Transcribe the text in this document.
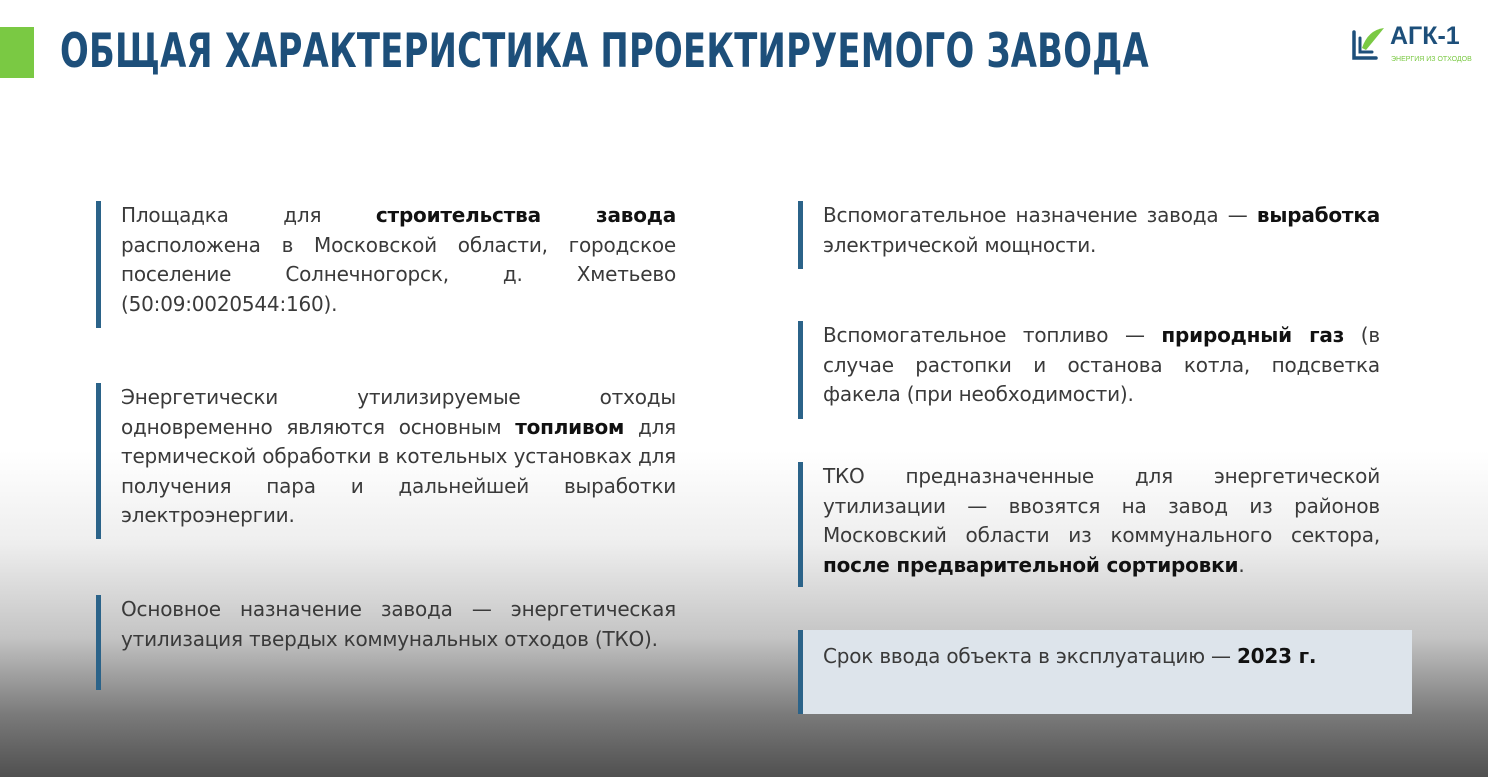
ОБЩАЯ ХАРАКТЕРИСТИКА ПРОЕКТИРУЕМОГО ЗАВОДА	АГК-1
ЭНЕРГИЯ ИЗ ОТХОДОВ

Площадка для строительства завода расположена в Московской области, городское поселение Солнечногорск, д. Хметьево (50:09:0020544:160).

Энергетически утилизируемые отходы одновременно являются основным топливом для термической обработки в котельных установках для получения пара и дальнейшей выработки электроэнергии.

Основное назначение завода — энергетическая утилизация твердых коммунальных отходов (ТКО).

Вспомогательное назначение завода — выработка электрической мощности.

Вспомогательное топливо — природный газ (в случае растопки и останова котла, подсветка факела (при необходимости).

ТКО предназначенные для энергетической утилизации — ввозятся на завод из районов Московский области из коммунального сектора, после предварительной сортировки.

Срок ввода объекта в эксплуатацию — 2023 г.
